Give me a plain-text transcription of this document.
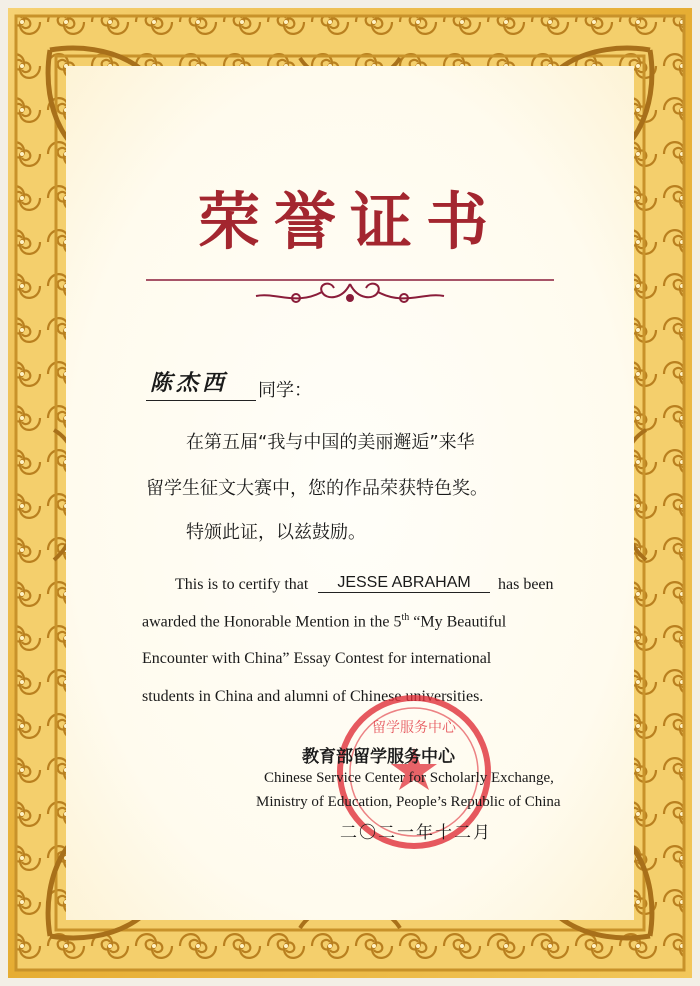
荣誉证书
陈杰西 同学：
在第五届“我与中国的美丽邂逅”来华
留学生征文大赛中，您的作品荣获特色奖。
特颁此证，以兹鼓励。
This is to certify that	JESSE ABRAHAM	has been
awarded the Honorable Mention in the 5th “My Beautiful
Encounter with China” Essay Contest for international
students in China and alumni of Chinese universities.
留学服务中心
教育部留学服务中心
Chinese Service Center for Scholarly Exchange,
Ministry of Education, People’s Republic of China
二〇二一年十二月
